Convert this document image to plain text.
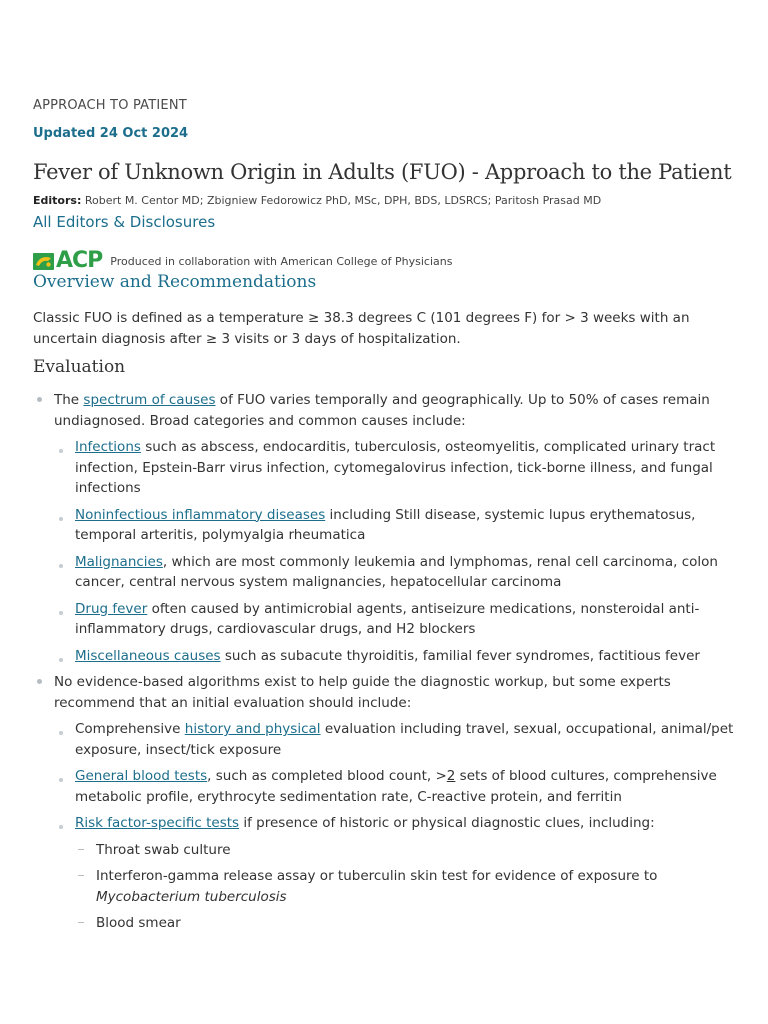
APPROACH TO PATIENT
Updated 24 Oct 2024
Fever of Unknown Origin in Adults (FUO) - Approach to the Patient
Editors: Robert M. Centor MD; Zbigniew Fedorowicz PhD, MSc, DPH, BDS, LDSRCS; Paritosh Prasad MD
All Editors & Disclosures
ACP Produced in collaboration with American College of Physicians
Overview and Recommendations

Classic FUO is defined as a temperature ≥ 38.3 degrees C (101 degrees F) for > 3 weeks with an uncertain diagnosis after ≥ 3 visits or 3 days of hospitalization.

Evaluation
The spectrum of causes of FUO varies temporally and geographically. Up to 50% of cases remain undiagnosed. Broad categories and common causes include:
Infections such as abscess, endocarditis, tuberculosis, osteomyelitis, complicated urinary tract infection, Epstein-Barr virus infection, cytomegalovirus infection, tick-borne illness, and fungal infections
Noninfectious inflammatory diseases including Still disease, systemic lupus erythematosus, temporal arteritis, polymyalgia rheumatica
Malignancies, which are most commonly leukemia and lymphomas, renal cell carcinoma, colon cancer, central nervous system malignancies, hepatocellular carcinoma
Drug fever often caused by antimicrobial agents, antiseizure medications, nonsteroidal anti-inflammatory drugs, cardiovascular drugs, and H2 blockers
Miscellaneous causes such as subacute thyroiditis, familial fever syndromes, factitious fever
No evidence-based algorithms exist to help guide the diagnostic workup, but some experts recommend that an initial evaluation should include:
Comprehensive history and physical evaluation including travel, sexual, occupational, animal/pet exposure, insect/tick exposure
General blood tests, such as completed blood count, >2 sets of blood cultures, comprehensive metabolic profile, erythrocyte sedimentation rate, C-reactive protein, and ferritin
Risk factor-specific tests if presence of historic or physical diagnostic clues, including:
Throat swab culture
Interferon-gamma release assay or tuberculin skin test for evidence of exposure to Mycobacterium tuberculosis
Blood smear
